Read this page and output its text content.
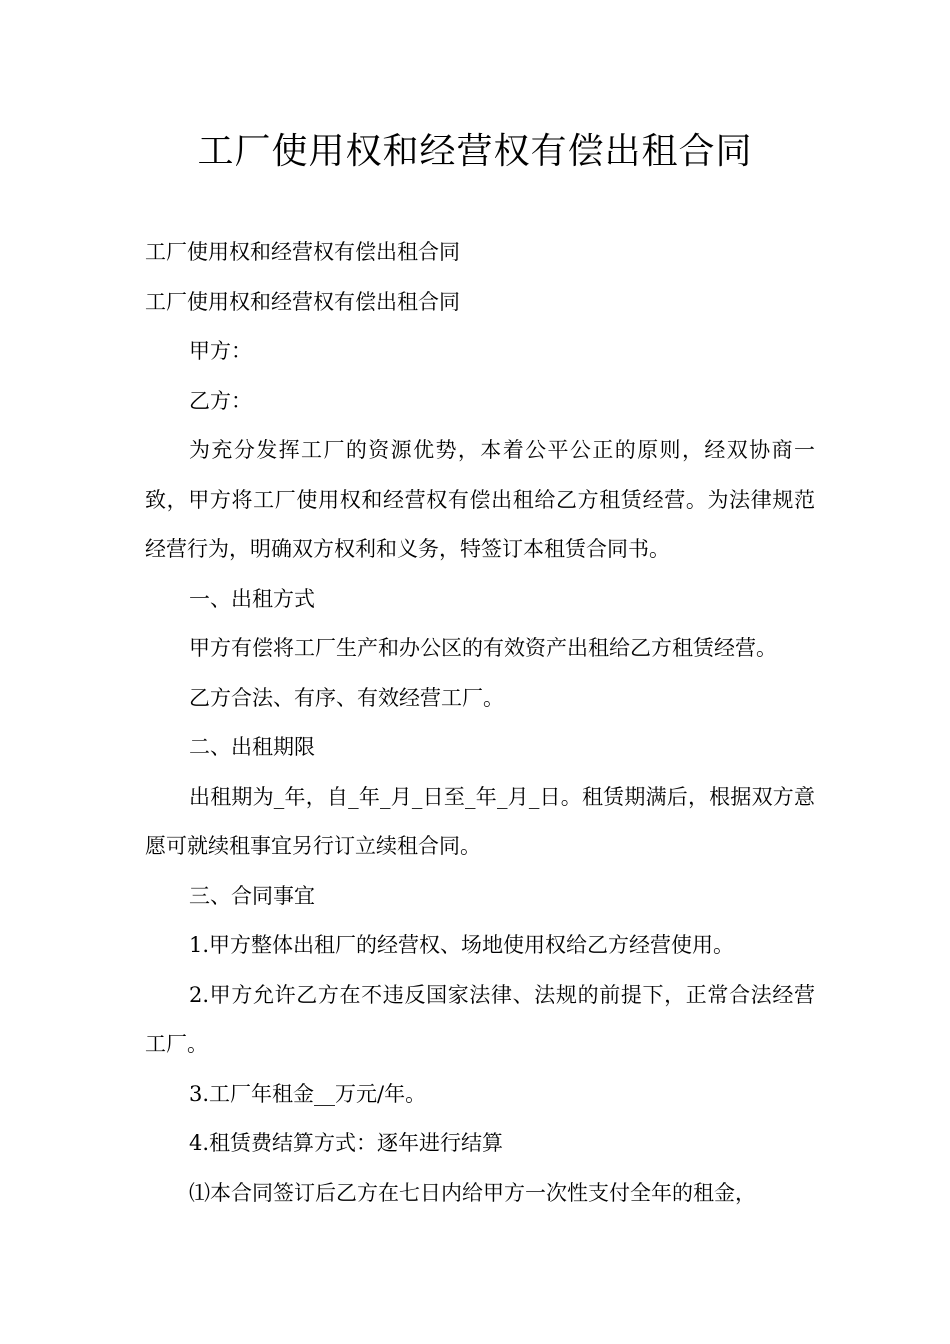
工厂使用权和经营权有偿出租合同

工厂使用权和经营权有偿出租合同

工厂使用权和经营权有偿出租合同

甲方：

乙方：

为充分发挥工厂的资源优势，本着公平公正的原则，经双协商一致，甲方将工厂使用权和经营权有偿出租给乙方租赁经营。为法律规范经营行为，明确双方权利和义务，特签订本租赁合同书。

一、出租方式

甲方有偿将工厂生产和办公区的有效资产出租给乙方租赁经营。

乙方合法、有序、有效经营工厂。

二、出租期限

出租期为_年，自_年_月_日至_年_月_日。租赁期满后，根据双方意愿可就续租事宜另行订立续租合同。

三、合同事宜

1.甲方整体出租厂的经营权、场地使用权给乙方经营使用。

2.甲方允许乙方在不违反国家法律、法规的前提下，正常合法经营工厂。

3.工厂年租金__万元/年。

4.租赁费结算方式：逐年进行结算

⑴本合同签订后乙方在七日内给甲方一次性支付全年的租金，
